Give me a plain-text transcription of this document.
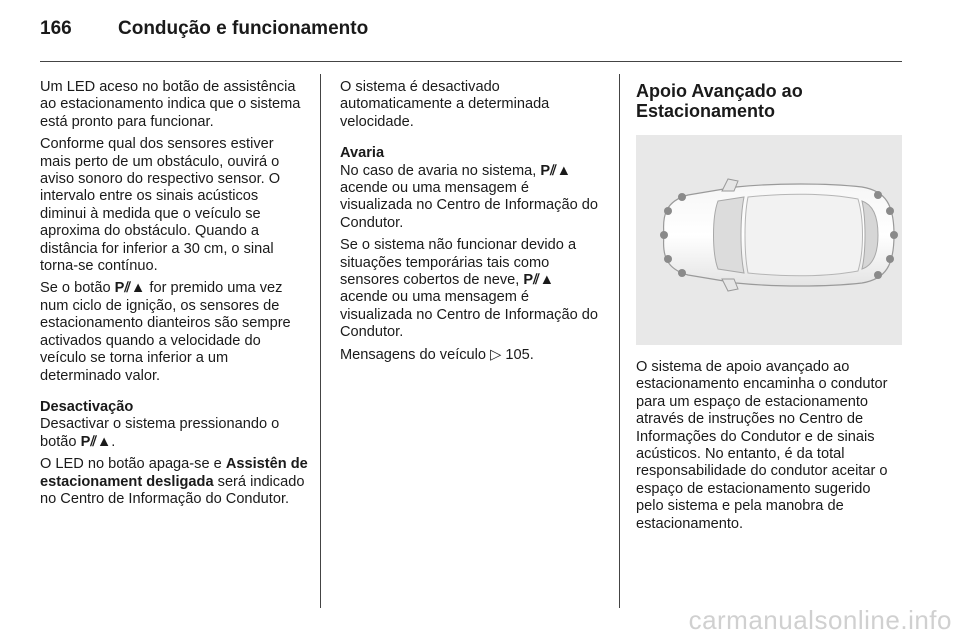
166 Condução e funcionamento

Um LED aceso no botão de assistência ao estacionamento indica que o sistema está pronto para funcionar.

Conforme qual dos sensores estiver mais perto de um obstáculo, ouvirá o aviso sonoro do respectivo sensor. O intervalo entre os sinais acústicos diminui à medida que o veículo se aproxima do obstáculo. Quando a distância for inferior a 30 cm, o sinal torna-se contínuo.

Se o botão P⫽▲ for premido uma vez num ciclo de ignição, os sensores de estacionamento dianteiros são sempre activados quando a velocidade do veículo se torna inferior a um determinado valor.

Desactivação

Desactivar o sistema pressionando o botão P⫽▲.

O LED no botão apaga-se e Assistên de estacionament desligada será indicado no Centro de Informação do Condutor.

O sistema é desactivado automaticamente a determinada velocidade.

Avaria

No caso de avaria no sistema, P⫽▲ acende ou uma mensagem é visualizada no Centro de Informação do Condutor.

Se o sistema não funcionar devido a situações temporárias tais como sensores cobertos de neve, P⫽▲ acende ou uma mensagem é visualizada no Centro de Informação do Condutor.

Mensagens do veículo ▷ 105.

Apoio Avançado ao Estacionamento

O sistema de apoio avançado ao estacionamento encaminha o condutor para um espaço de estacionamento através de instruções no Centro de Informações do Condutor e de sinais acústicos. No entanto, é da total responsabilidade do condutor aceitar o espaço de estacionamento sugerido pelo sistema e pela manobra de estacionamento.

carmanualsonline.info
